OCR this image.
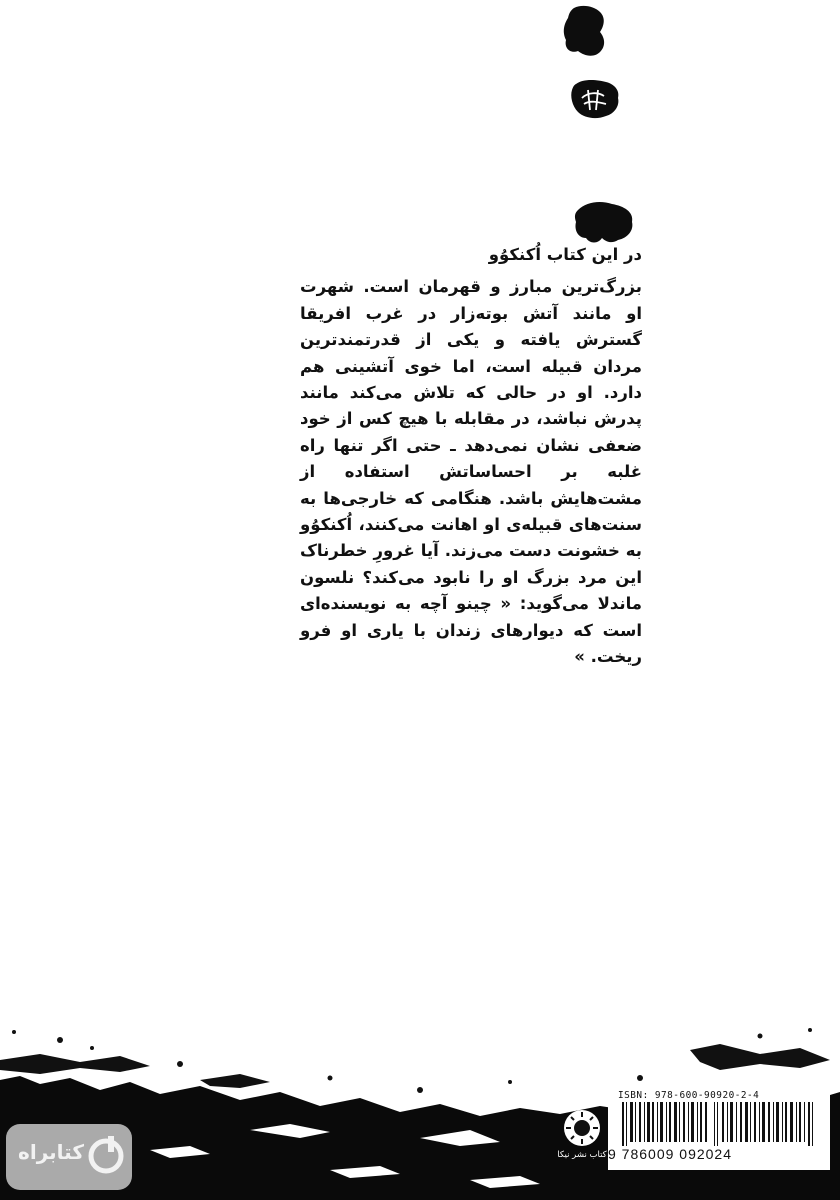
در این کتاب اُکنکوُو

بزرگ‌ترین مبارز و قهرمان است. شهرت او مانند آتش بوته‌زار در غرب افریقا گسترش یافته و یکی از قدرتمندترین مردان قبیله است، اما خوی آتشینی هم دارد. او در حالی که تلاش می‌کند مانند پدرش نباشد، در مقابله با هیچ کس از خود ضعفی نشان نمی‌دهد ـ حتی اگر تنها راه غلبه بر احساساتش استفاده از مشت‌هایش باشد. هنگامی که خارجی‌ها به سنت‌های قبیله‌ی او اهانت می‌کنند، اُکنکوُو به خشونت دست می‌زند. آیا غرورِ خطرناک این مرد بزرگ او را نابود می‌کند؟ نلسون ماندلا می‌گوید: « چینو آچه به نویسنده‌ای است که دیوارهای زندان با یاری او فرو ریخت. »

کتاب نشر نیکا
ISBN: 978-600-90920-2-4
9 786009 092024
کتابراه
